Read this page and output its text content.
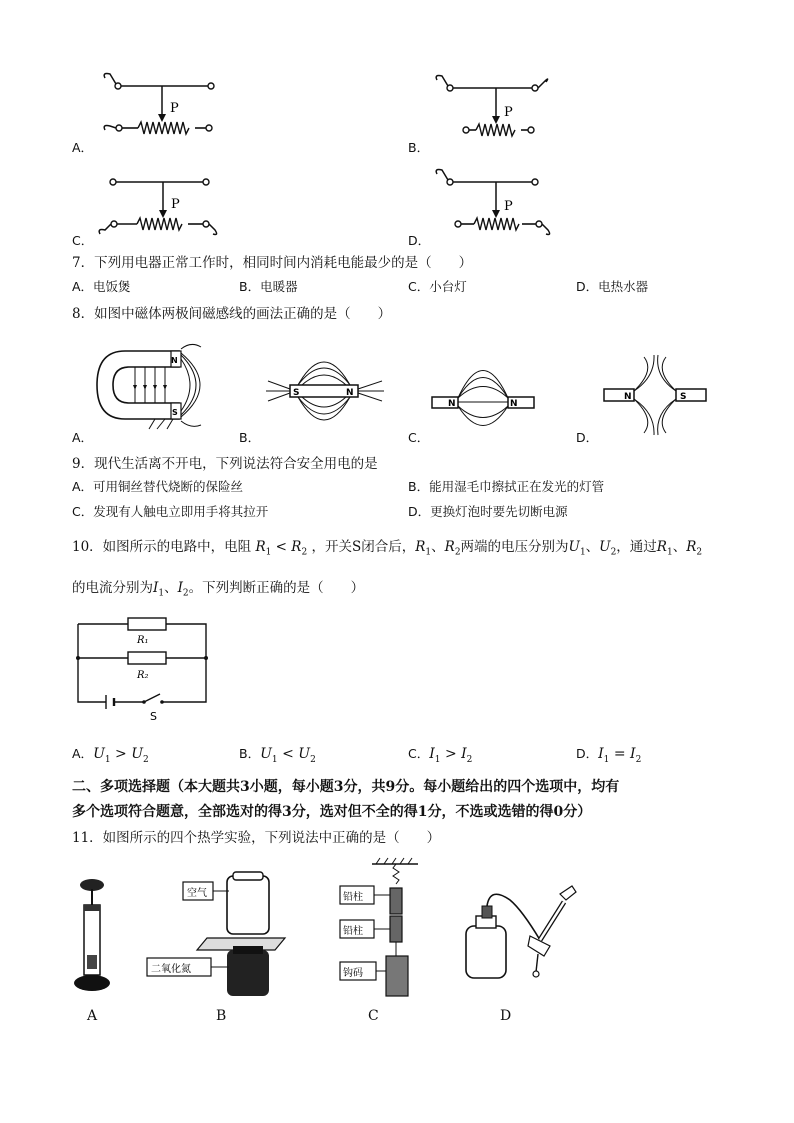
P	P
P	P
A．	B．
C．	D．
7．下列用电器正常工作时，相同时间内消耗电能最少的是（　　）
A．电饭煲	B．电暖器	C．小台灯	D．电热水器
8．如图中磁体两极间磁感线的画法正确的是（　　）
N
S
S	N
N	N
N	S
A．	B．	C．	D．
9．现代生活离不开电，下列说法符合安全用电的是
A．可用铜丝替代烧断的保险丝	B．能用湿毛巾擦拭正在发光的灯管
C．发现有人触电立即用手将其拉开	D．更换灯泡时要先切断电源
10．如图所示的电路中，电阻 $R_1 < R_2$ ，开关S闭合后，$R_1$、$R_2$两端的电压分别为$U_1$、$U_2$，通过$R_1$、$R_2$
的电流分别为$I_1$、$I_2$。下列判断正确的是（　　）
R₁
R₂
S
A．$U_1 > U_2$	B．$U_1 < U_2$	C．$I_1 > I_2$	D．$I_1 = I_2$
二、多项选择题（本大题共3小题，每小题3分，共9分。每小题给出的四个选项中，均有
多个选项符合题意，全部选对的得3分，选对但不全的得1分，不选或选错的得0分）
11．如图所示的四个热学实验，下列说法中正确的是（　　）
空气
二氧化氮
铅柱
铅柱
钩码
A	B	C	D
